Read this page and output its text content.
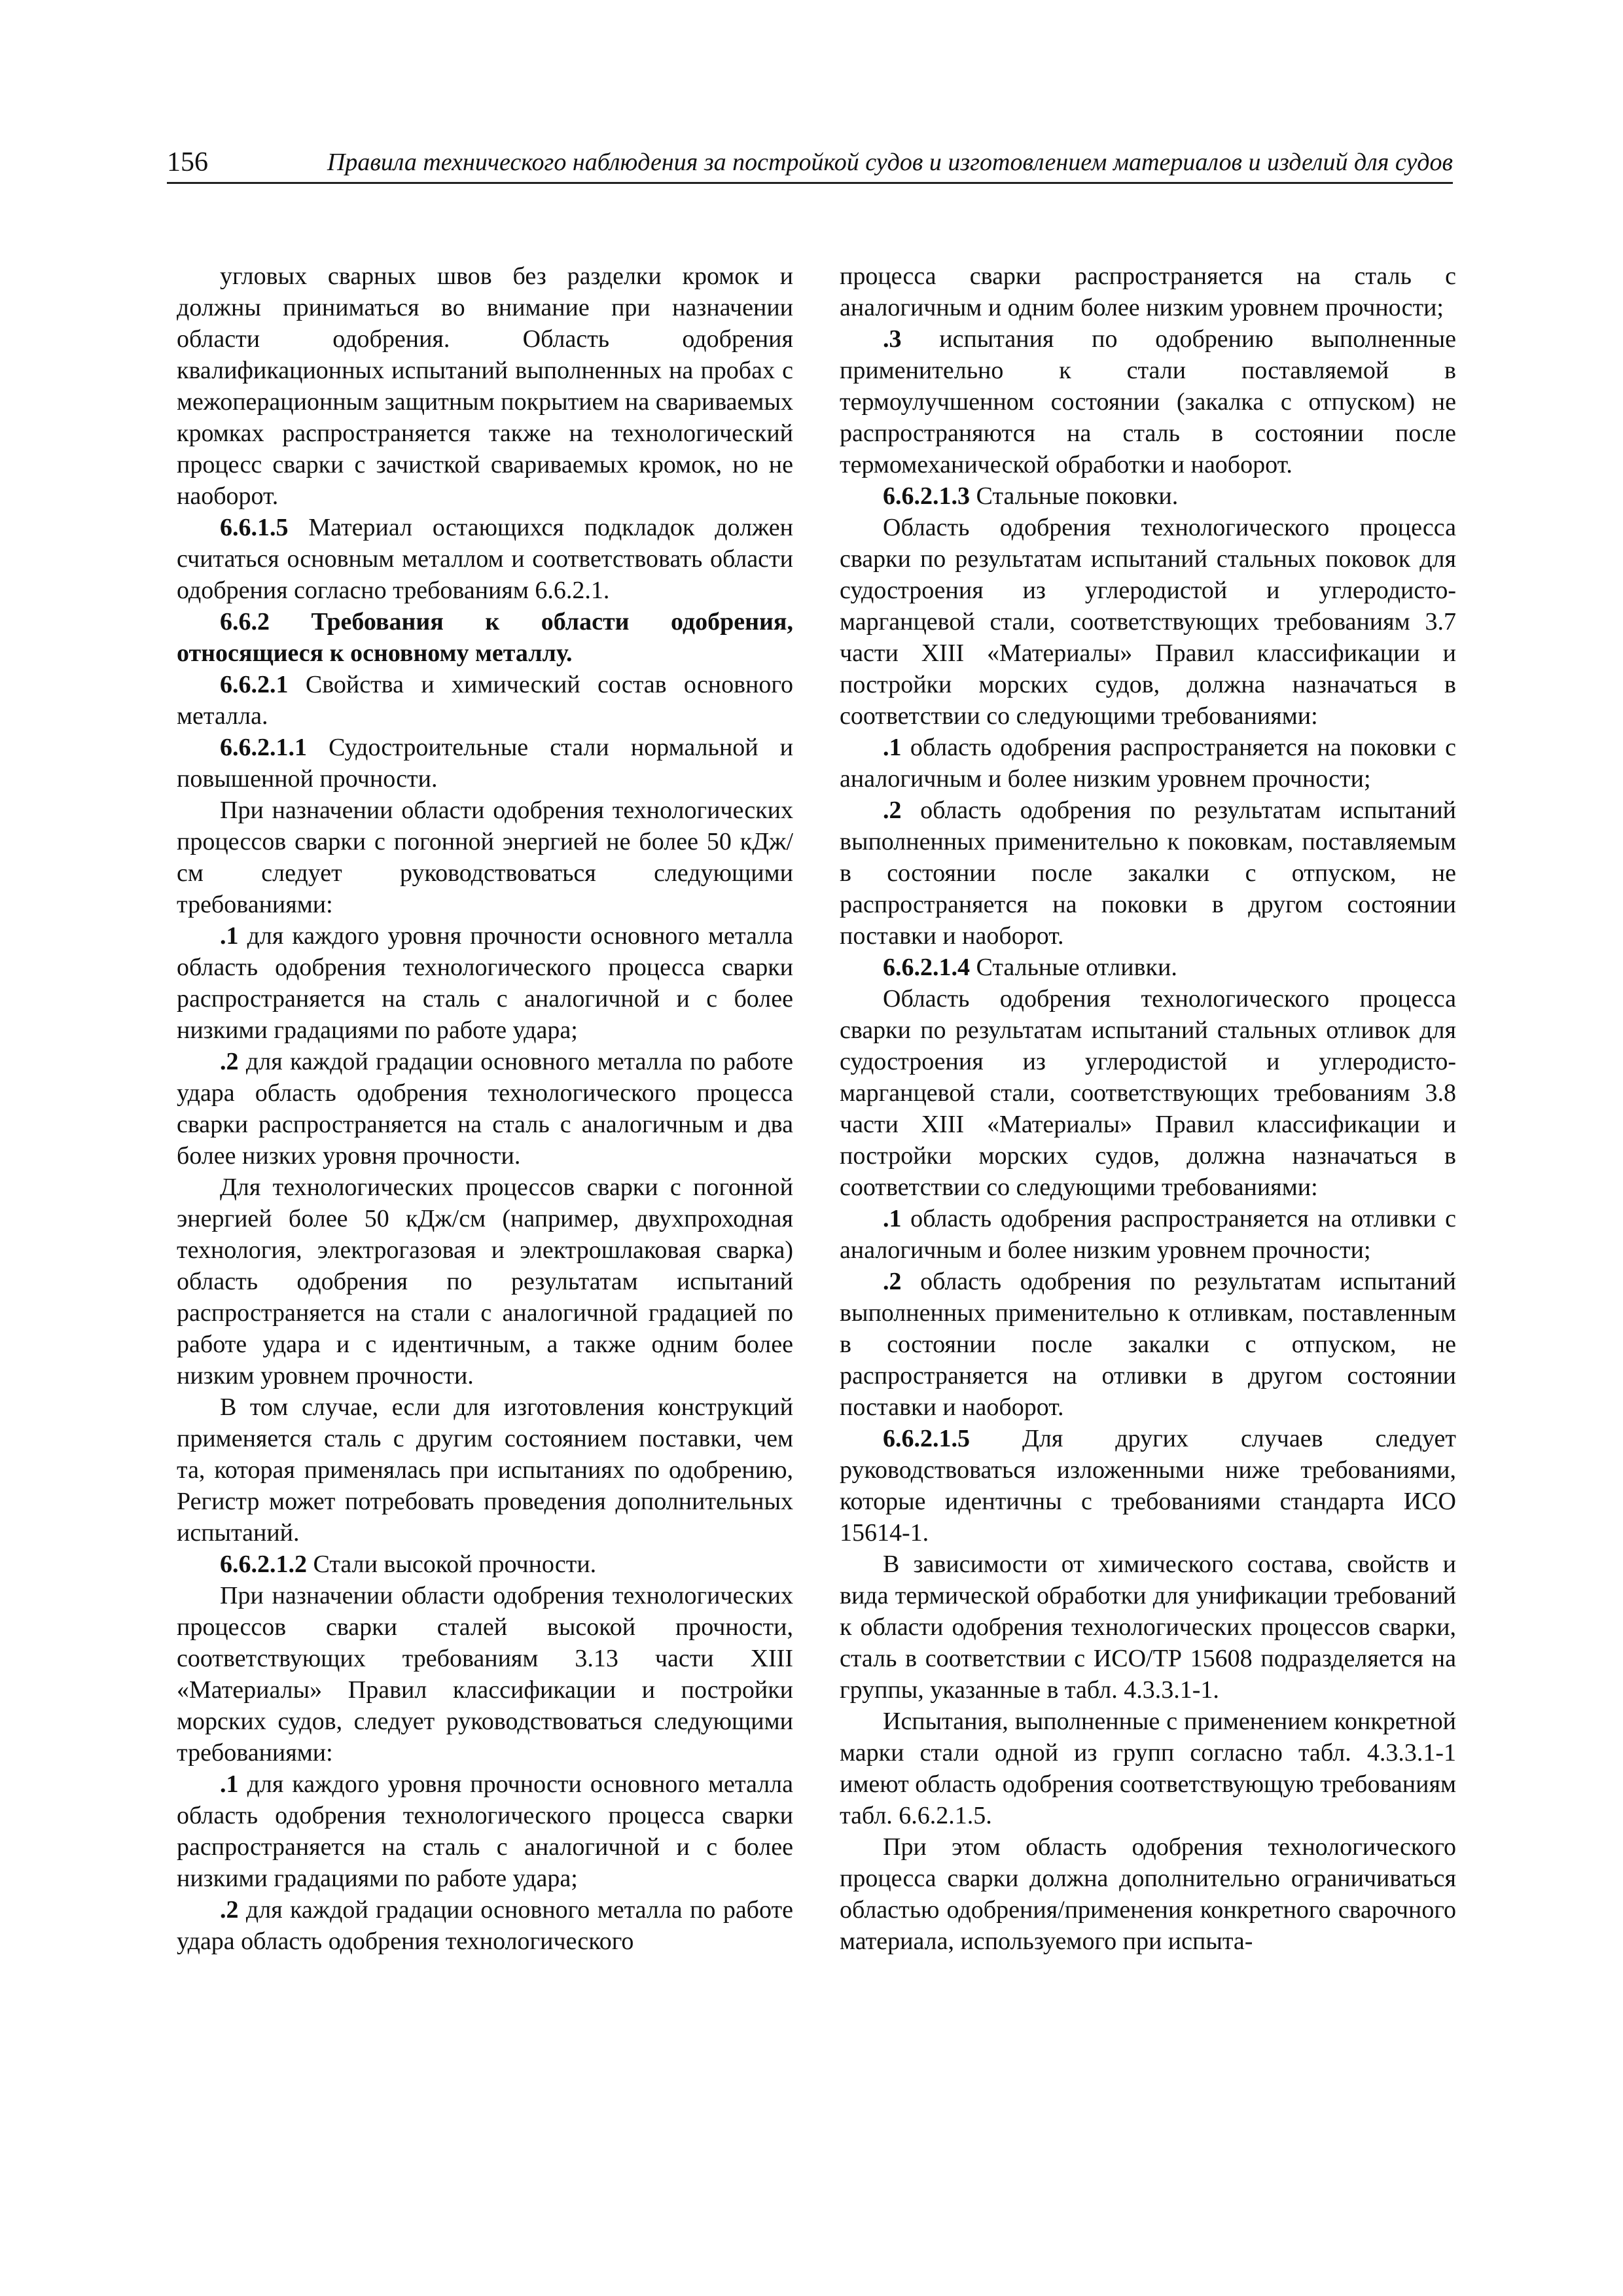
156	Правила технического наблюдения за постройкой судов и изготовлением материалов и изделий для судов

угловых сварных швов без разделки кромок и должны приниматься во внимание при назначении области одобрения. Область одобрения квалификационных испытаний выполненных на пробах с межоперационным защитным покрытием на свариваемых кромках распространяется также на технологический процесс сварки с зачисткой свариваемых кромок, но не наоборот.

6.6.1.5 Материал остающихся подкладок должен считаться основным металлом и соответствовать области одобрения согласно требованиям 6.6.2.1.

6.6.2 Требования к области одобрения, относящиеся к основному металлу.

6.6.2.1 Свойства и химический состав основного металла.

6.6.2.1.1 Судостроительные стали нормальной и повышенной прочности.

При назначении области одобрения технологических процессов сварки с погонной энергией не более 50 кДж/см следует руководствоваться следующими требованиями:

.1 для каждого уровня прочности основного металла область одобрения технологического процесса сварки распространяется на сталь с аналогичной и с более низкими градациями по работе удара;

.2 для каждой градации основного металла по работе удара область одобрения технологического процесса сварки распространяется на сталь с аналогичным и два более низких уровня прочности.

Для технологических процессов сварки с погонной энергией более 50 кДж/см (например, двухпроходная технология, электрогазовая и электрошлаковая сварка) область одобрения по результатам испытаний распространяется на стали с аналогичной градацией по работе удара и с идентичным, а также одним более низким уровнем прочности.

В том случае, если для изготовления конструкций применяется сталь с другим состоянием поставки, чем та, которая применялась при испытаниях по одобрению, Регистр может потребовать проведения дополнительных испытаний.

6.6.2.1.2 Стали высокой прочности.

При назначении области одобрения технологических процессов сварки сталей высокой прочности, соответствующих требованиям 3.13 части XIII «Материалы» Правил классификации и постройки морских судов, следует руководствоваться следующими требованиями:

.1 для каждого уровня прочности основного металла область одобрения технологического процесса сварки распространяется на сталь с аналогичной и с более низкими градациями по работе удара;

.2 для каждой градации основного металла по работе удара область одобрения технологического

процесса сварки распространяется на сталь с аналогичным и одним более низким уровнем прочности;

.3 испытания по одобрению выполненные применительно к стали поставляемой в термоулучшенном состоянии (закалка с отпуском) не распространяются на сталь в состоянии после термомеханической обработки и наоборот.

6.6.2.1.3 Стальные поковки.

Область одобрения технологического процесса сварки по результатам испытаний стальных поковок для судостроения из углеродистой и углеродисто-марганцевой стали, соответствующих требованиям 3.7 части XIII «Материалы» Правил классификации и постройки морских судов, должна назначаться в соответствии со следующими требованиями:

.1 область одобрения распространяется на поковки с аналогичным и более низким уровнем прочности;

.2 область одобрения по результатам испытаний выполненных применительно к поковкам, поставляемым в состоянии после закалки с отпуском, не распространяется на поковки в другом состоянии поставки и наоборот.

6.6.2.1.4 Стальные отливки.

Область одобрения технологического процесса сварки по результатам испытаний стальных отливок для судостроения из углеродистой и углеродисто-марганцевой стали, соответствующих требованиям 3.8 части XIII «Материалы» Правил классификации и постройки морских судов, должна назначаться в соответствии со следующими требованиями:

.1 область одобрения распространяется на отливки с аналогичным и более низким уровнем прочности;

.2 область одобрения по результатам испытаний выполненных применительно к отливкам, поставленным в состоянии после закалки с отпуском, не распространяется на отливки в другом состоянии поставки и наоборот.

6.6.2.1.5 Для других случаев следует руководствоваться изложенными ниже требованиями, которые идентичны с требованиями стандарта ИСО 15614-1.

В зависимости от химического состава, свойств и вида термической обработки для унификации требований к области одобрения технологических процессов сварки, сталь в соответствии с ИСО/ТР 15608 подразделяется на группы, указанные в табл. 4.3.3.1-1.

Испытания, выполненные с применением конкретной марки стали одной из групп согласно табл. 4.3.3.1-1 имеют область одобрения соответствующую требованиям табл. 6.6.2.1.5.

При этом область одобрения технологического процесса сварки должна дополнительно ограничиваться областью одобрения/применения конкретного сварочного материала, используемого при испыта-
